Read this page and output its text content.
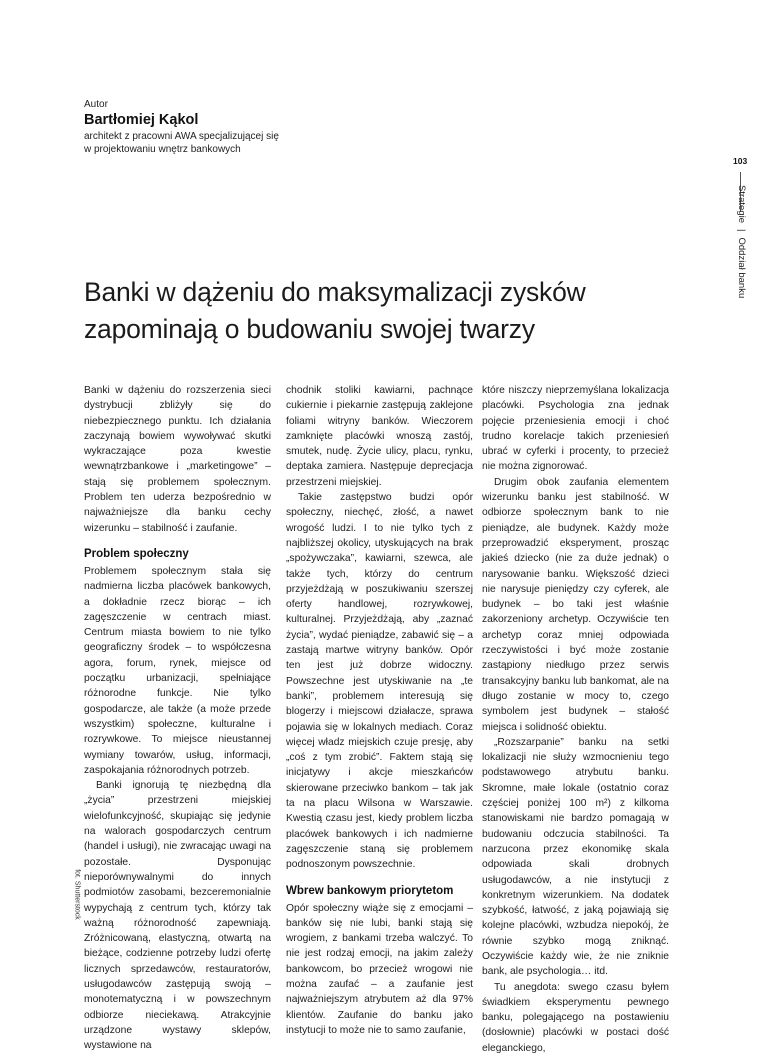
Autor
Bartłomiej Kąkol
architekt z pracowni AWA specjalizującej się
w projektowaniu wnętrz bankowych
103
Strategie|Oddział banku
Banki w dążeniu do maksymalizacji zysków
zapominają o budowaniu swojej twarzy

Banki w dążeniu do rozszerzenia sieci dystrybucji zbliżyły się do niebezpiecznego punktu. Ich działania zaczynają bowiem wywoływać skutki wykraczające poza kwestie wewnątrzbankowe i „marketingowe” – stają się problemem społecznym. Problem ten uderza bezpośrednio w najważniejsze dla banku cechy wizerunku – stabilność i zaufanie.

Problem społeczny

Problemem społecznym stała się nadmierna liczba placówek bankowych, a dokładnie rzecz biorąc – ich zagęszczenie w centrach miast. Centrum miasta bowiem to nie tylko geograficzny środek – to współczesna agora, forum, rynek, miejsce od początku urbanizacji, spełniające różnorodne funkcje. Nie tylko gospodarcze, ale także (a może przede wszystkim) społeczne, kulturalne i rozrywkowe. To miejsce nieustannej wymiany towarów, usług, informacji, zaspokajania różnorodnych potrzeb.

Banki ignorują tę niezbędną dla „życia” przestrzeni miejskiej wielofunkcyjność, skupiając się jedynie na walorach gospodarczych centrum (handel i usługi), nie zwracając uwagi na pozostałe. Dysponując nieporównywalnymi do innych podmiotów zasobami, bezceremonialnie wypychają z centrum tych, którzy tak ważną różnorodność zapewniają. Zróżnicowaną, elastyczną, otwartą na bieżące, codzienne potrzeby ludzi ofertę licznych sprzedawców, restauratorów, usługodawców zastępują swoją – monotematyczną i w powszechnym odbiorze nieciekawą. Atrakcyjnie urządzone wystawy sklepów, wystawione na

chodnik stoliki kawiarni, pachnące cukiernie i piekarnie zastępują zaklejone foliami witryny banków. Wieczorem zamknięte placówki wnoszą zastój, smutek, nudę. Życie ulicy, placu, rynku, deptaka zamiera. Następuje deprecjacja przestrzeni miejskiej.

Takie zastępstwo budzi opór społeczny, niechęć, złość, a nawet wrogość ludzi. I to nie tylko tych z najbliższej okolicy, utyskujących na brak „spożywczaka”, kawiarni, szewca, ale także tych, którzy do centrum przyjeżdżają w poszukiwaniu szerszej oferty handlowej, rozrywkowej, kulturalnej. Przyjeżdżają, aby „zaznać życia”, wydać pieniądze, zabawić się – a zastają martwe witryny banków. Opór ten jest już dobrze widoczny. Powszechne jest utyskiwanie na „te banki”, problemem interesują się blogerzy i miejscowi działacze, sprawa pojawia się w lokalnych mediach. Coraz więcej władz miejskich czuje presję, aby „coś z tym zrobić”. Faktem stają się inicjatywy i akcje mieszkańców skierowane przeciwko bankom – tak jak ta na placu Wilsona w Warszawie. Kwestią czasu jest, kiedy problem liczba placówek bankowych i ich nadmierne zagęszczenie staną się problemem podnoszonym powszechnie.

Wbrew bankowym priorytetom

Opór społeczny wiąże się z emocjami – banków się nie lubi, banki stają się wrogiem, z bankami trzeba walczyć. To nie jest rodzaj emocji, na jakim zależy bankowcom, bo przecież wrogowi nie można zaufać – a zaufanie jest najważniejszym atrybutem aż dla 97% klientów. Zaufanie do banku jako instytucji to może nie to samo zaufanie,

które niszczy nieprzemyślana lokalizacja placówki. Psychologia zna jednak pojęcie przeniesienia emocji i choć trudno korelacje takich przeniesień ubrać w cyferki i procenty, to przecież nie można zignorować.

Drugim obok zaufania elementem wizerunku banku jest stabilność. W odbiorze społecznym bank to nie pieniądze, ale budynek. Każdy może przeprowadzić eksperyment, prosząc jakieś dziecko (nie za duże jednak) o narysowanie banku. Większość dzieci nie narysuje pieniędzy czy cyferek, ale budynek – bo taki jest właśnie zakorzeniony archetyp. Oczywiście ten archetyp coraz mniej odpowiada rzeczywistości i być może zostanie zastąpiony niedługo przez serwis transakcyjny banku lub bankomat, ale na długo zostanie w mocy to, czego symbolem jest budynek – stałość miejsca i solidność obiektu.

„Rozszarpanie” banku na setki lokalizacji nie służy wzmocnieniu tego podstawowego atrybutu banku. Skromne, małe lokale (ostatnio coraz częściej poniżej 100 m²) z kilkoma stanowiskami nie bardzo pomagają w budowaniu odczucia stabilności. Ta narzucona przez ekonomikę skala odpowiada skali drobnych usługodawców, a nie instytucji z konkretnym wizerunkiem. Na dodatek szybkość, łatwość, z jaką pojawiają się kolejne placówki, wzbudza niepokój, że równie szybko mogą zniknąć. Oczywiście każdy wie, że nie zniknie bank, ale psychologia… itd.

Tu anegdota: swego czasu byłem świadkiem eksperymentu pewnego banku, polegającego na postawieniu (dosłownie) placówki w postaci dość eleganckiego,

fot. Shutterstock
